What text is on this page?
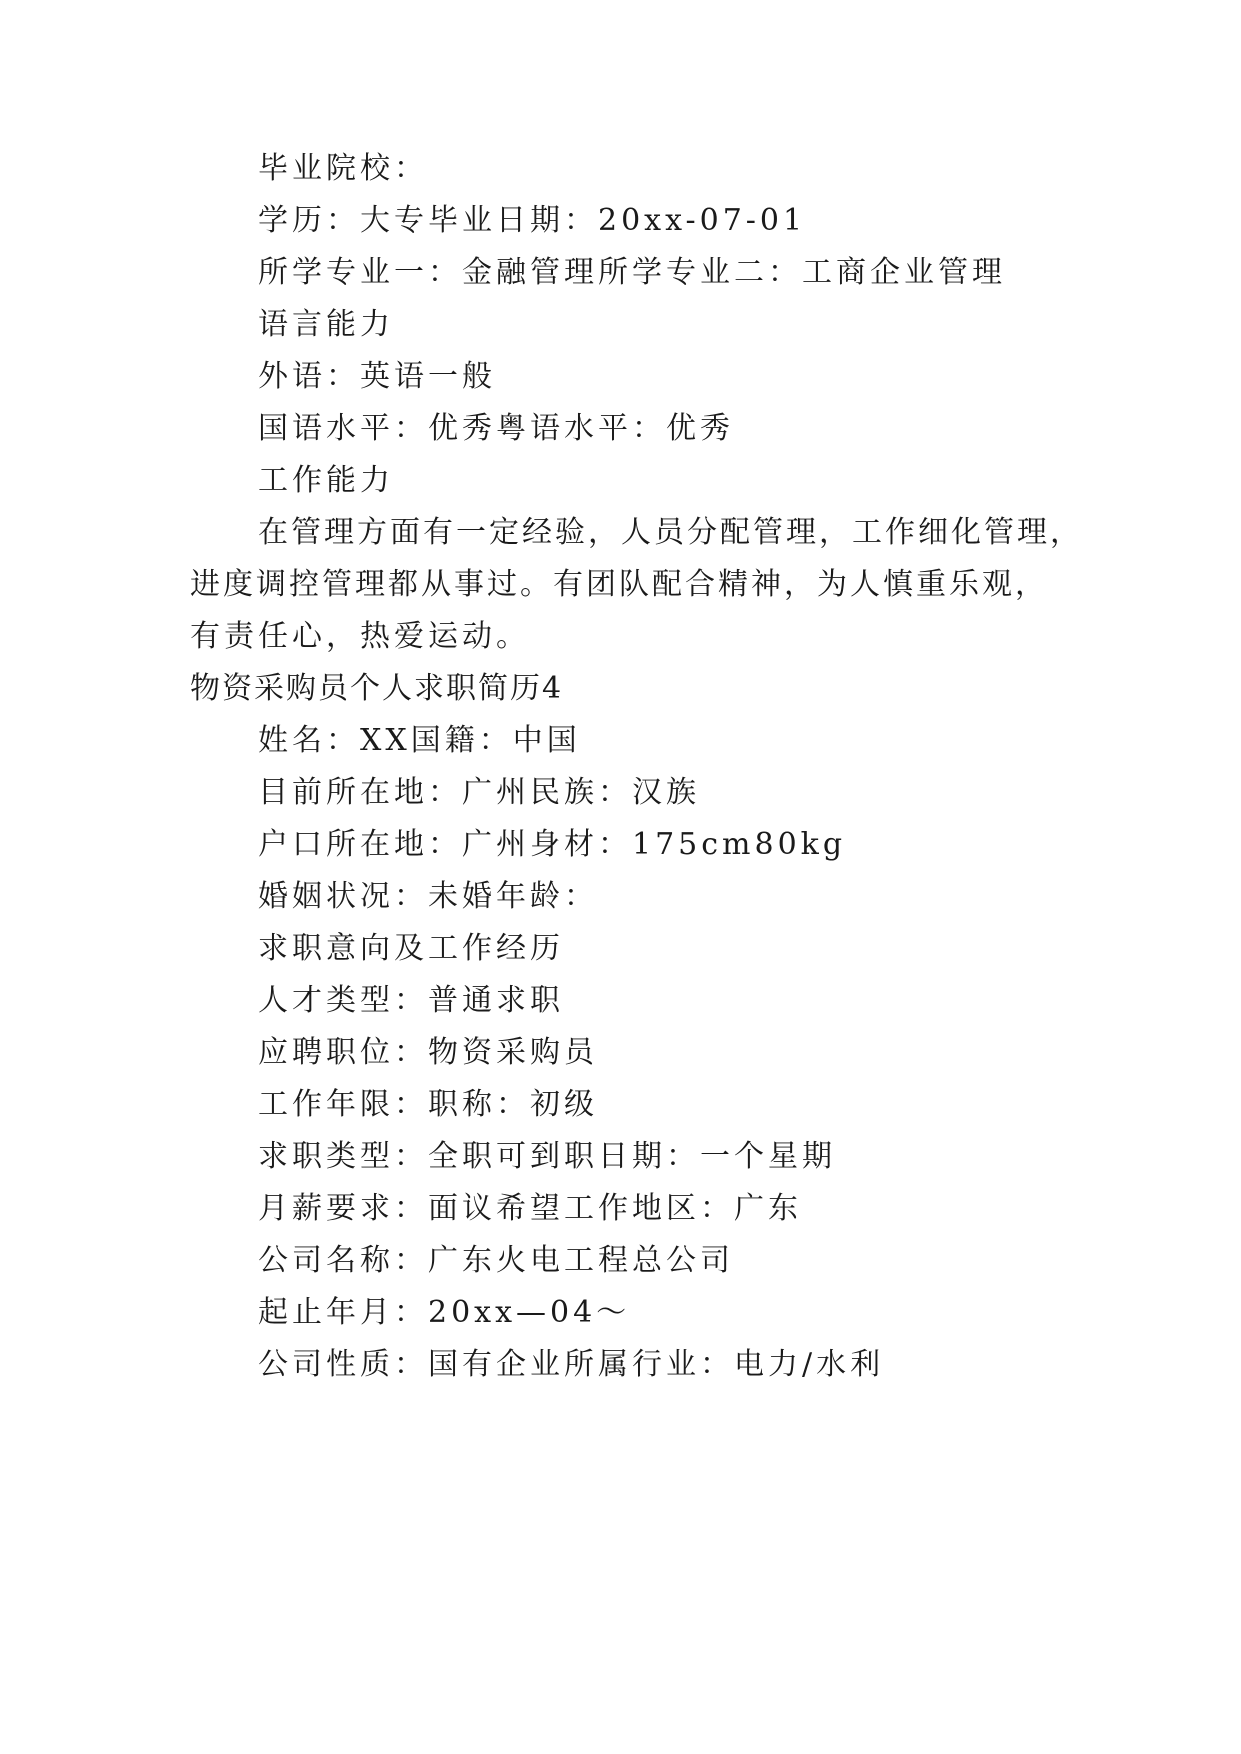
毕业院校：
学历：大专毕业日期：20xx-07-01
所学专业一：金融管理所学专业二：工商企业管理
语言能力
外语：英语一般
国语水平：优秀粤语水平：优秀
工作能力
在管理方面有一定经验，人员分配管理，工作细化管理，
进度调控管理都从事过。有团队配合精神，为人慎重乐观，
有责任心，热爱运动。
物资采购员个人求职简历4
姓名：XX国籍：中国
目前所在地：广州民族：汉族
户口所在地：广州身材：175cm80kg
婚姻状况：未婚年龄：
求职意向及工作经历
人才类型：普通求职
应聘职位：物资采购员
工作年限：职称：初级
求职类型：全职可到职日期：一个星期
月薪要求：面议希望工作地区：广东
公司名称：广东火电工程总公司
起止年月：20xx—04～
公司性质：国有企业所属行业：电力/水利
